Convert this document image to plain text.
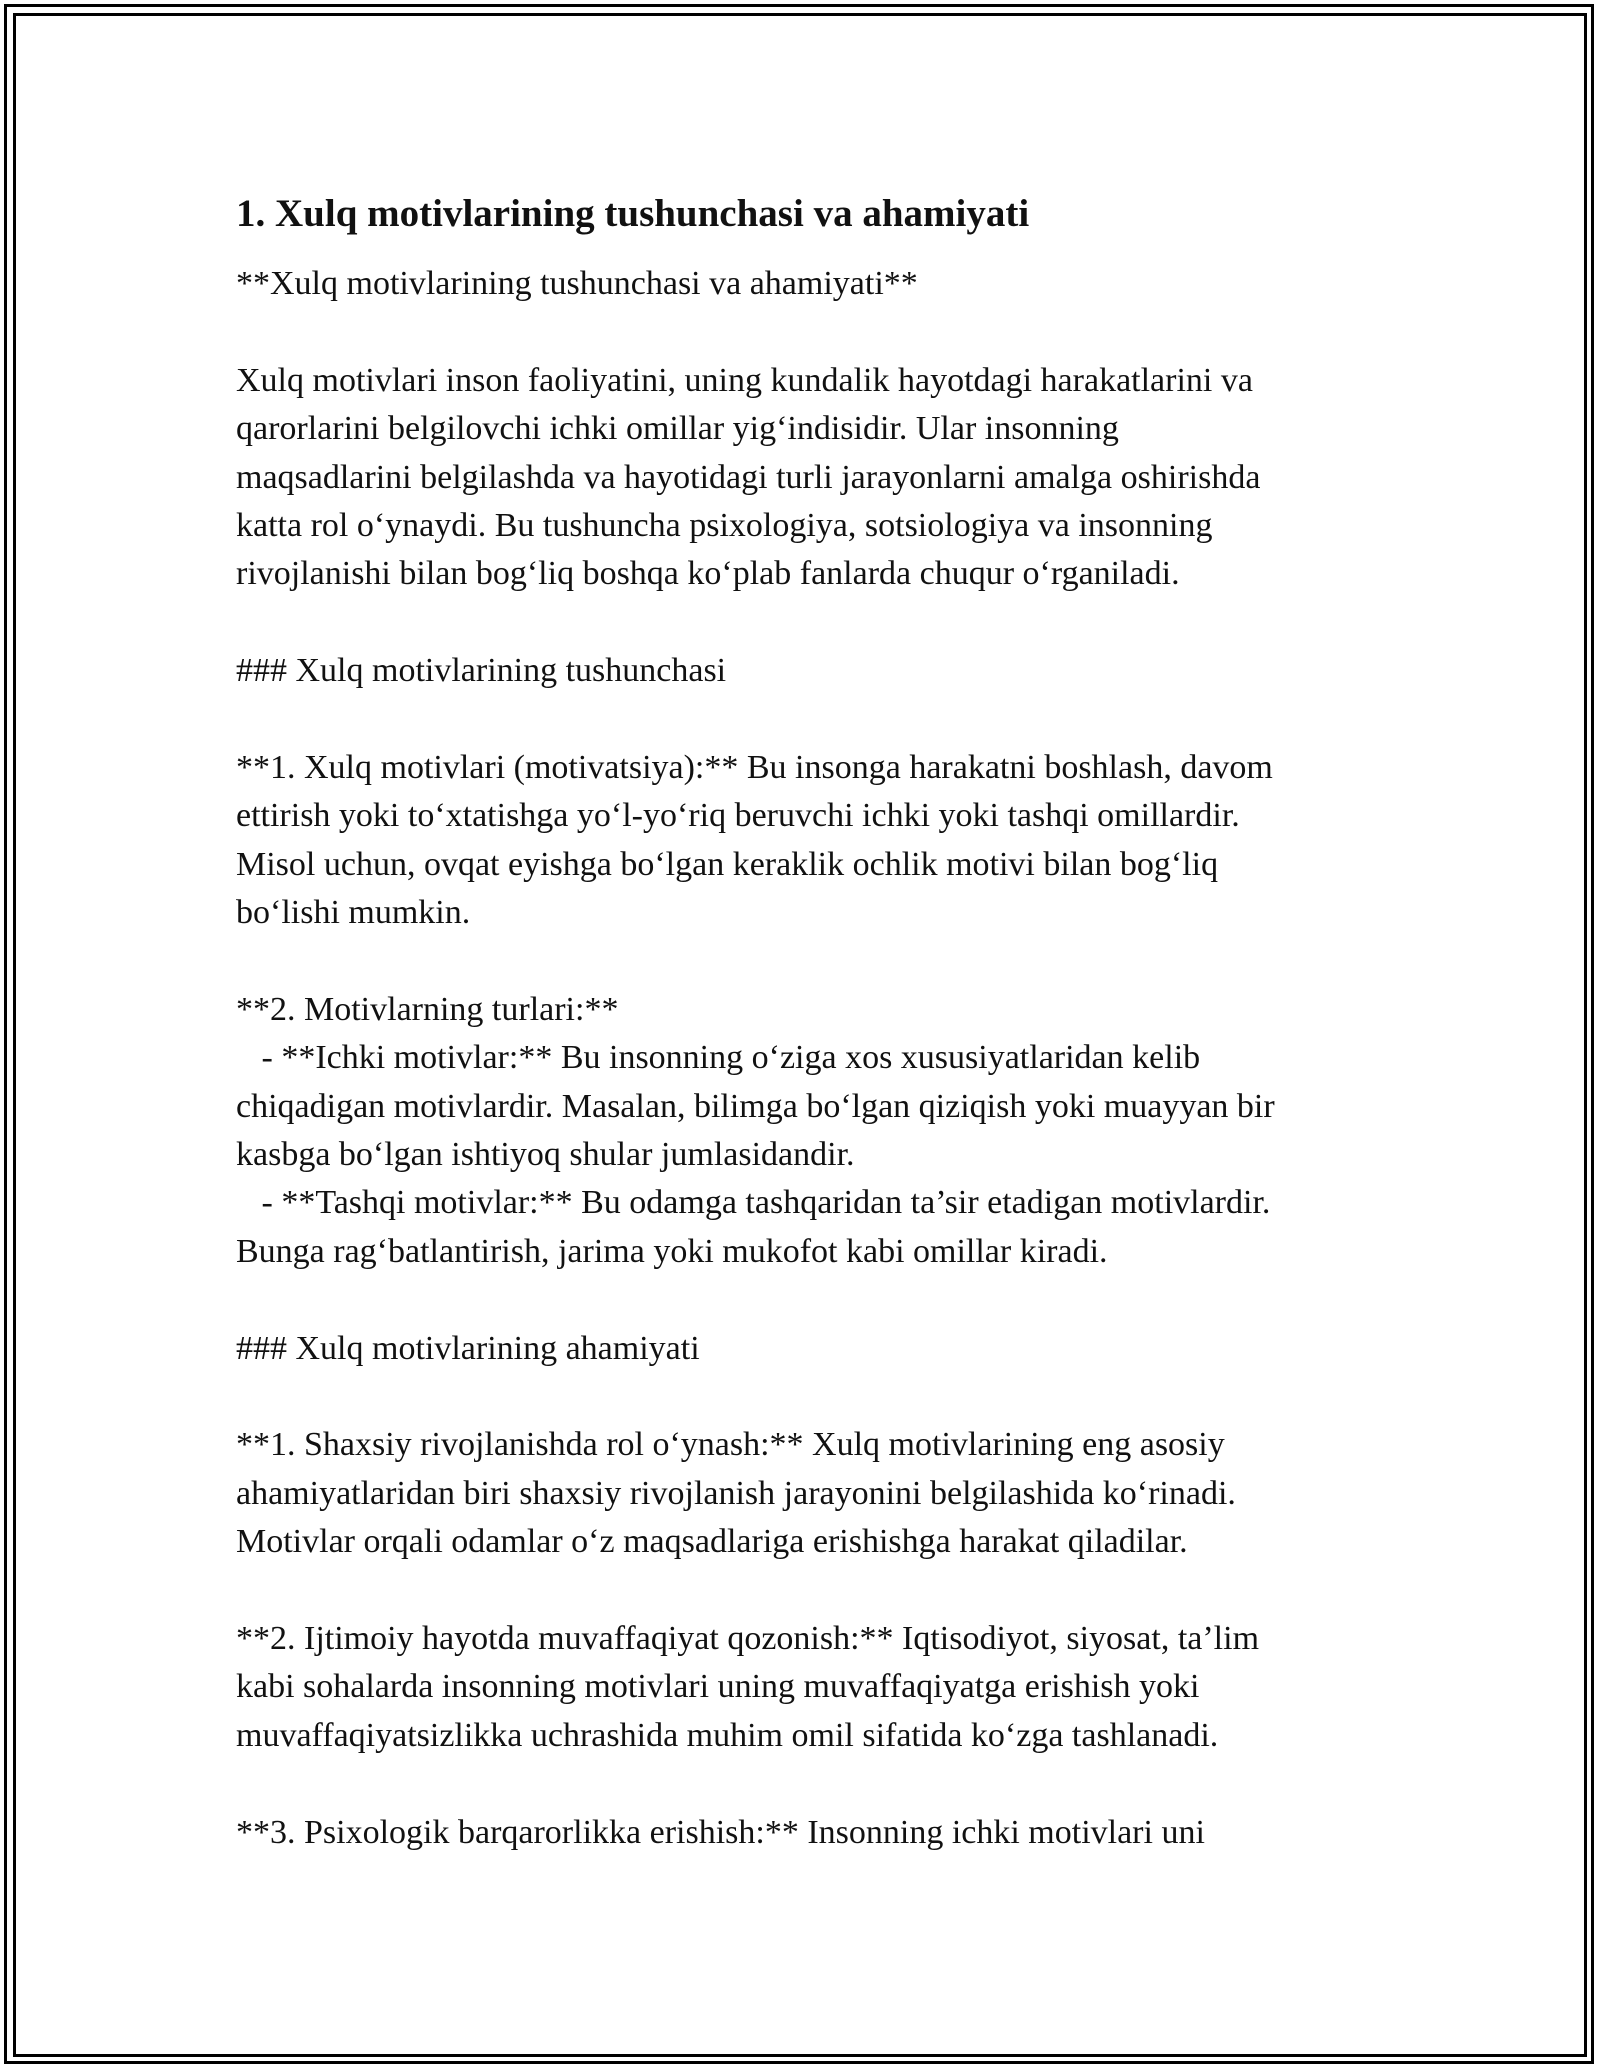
1. Xulq motivlarining tushunchasi va ahamiyati
**Xulq motivlarining tushunchasi va ahamiyati**
Xulq motivlari inson faoliyatini, uning kundalik hayotdagi harakatlarini va
qarorlarini belgilovchi ichki omillar yig‘indisidir. Ular insonning
maqsadlarini belgilashda va hayotidagi turli jarayonlarni amalga oshirishda
katta rol o‘ynaydi. Bu tushuncha psixologiya, sotsiologiya va insonning
rivojlanishi bilan bog‘liq boshqa ko‘plab fanlarda chuqur o‘rganiladi.
### Xulq motivlarining tushunchasi
**1. Xulq motivlari (motivatsiya):** Bu insonga harakatni boshlash, davom
ettirish yoki to‘xtatishga yo‘l-yo‘riq beruvchi ichki yoki tashqi omillardir.
Misol uchun, ovqat eyishga bo‘lgan keraklik ochlik motivi bilan bog‘liq
bo‘lishi mumkin.
**2. Motivlarning turlari:**
- **Ichki motivlar:** Bu insonning o‘ziga xos xususiyatlaridan kelib
chiqadigan motivlardir. Masalan, bilimga bo‘lgan qiziqish yoki muayyan bir
kasbga bo‘lgan ishtiyoq shular jumlasidandir.
- **Tashqi motivlar:** Bu odamga tashqaridan ta’sir etadigan motivlardir.
Bunga rag‘batlantirish, jarima yoki mukofot kabi omillar kiradi.
### Xulq motivlarining ahamiyati
**1. Shaxsiy rivojlanishda rol o‘ynash:** Xulq motivlarining eng asosiy
ahamiyatlaridan biri shaxsiy rivojlanish jarayonini belgilashida ko‘rinadi.
Motivlar orqali odamlar o‘z maqsadlariga erishishga harakat qiladilar.
**2. Ijtimoiy hayotda muvaffaqiyat qozonish:** Iqtisodiyot, siyosat, ta’lim
kabi sohalarda insonning motivlari uning muvaffaqiyatga erishish yoki
muvaffaqiyatsizlikka uchrashida muhim omil sifatida ko‘zga tashlanadi.
**3. Psixologik barqarorlikka erishish:** Insonning ichki motivlari uni
